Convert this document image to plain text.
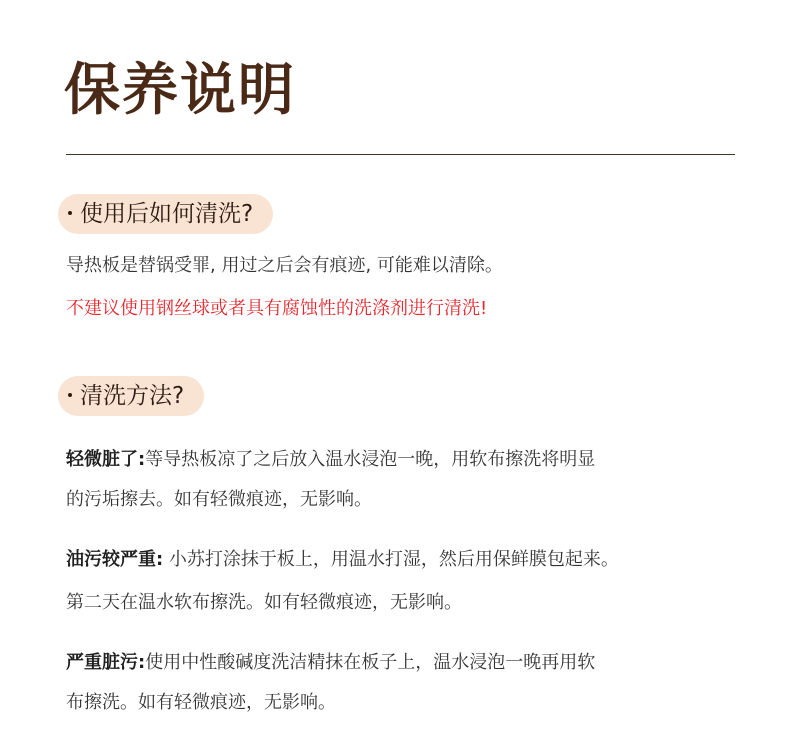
保养说明
使用后如何清洗?
导热板是替锅受罪, 用过之后会有痕迹, 可能难以清除。
不建议使用钢丝球或者具有腐蚀性的洗涤剂进行清洗!
清洗方法?
轻微脏了:等导热板凉了之后放入温水浸泡一晚，用软布擦洗将明显
的污垢擦去。如有轻微痕迹，无影响。
油污较严重: 小苏打涂抹于板上，用温水打湿，然后用保鲜膜包起来。
第二天在温水软布擦洗。如有轻微痕迹，无影响。
严重脏污:使用中性酸碱度洗洁精抹在板子上，温水浸泡一晚再用软
布擦洗。如有轻微痕迹，无影响。
